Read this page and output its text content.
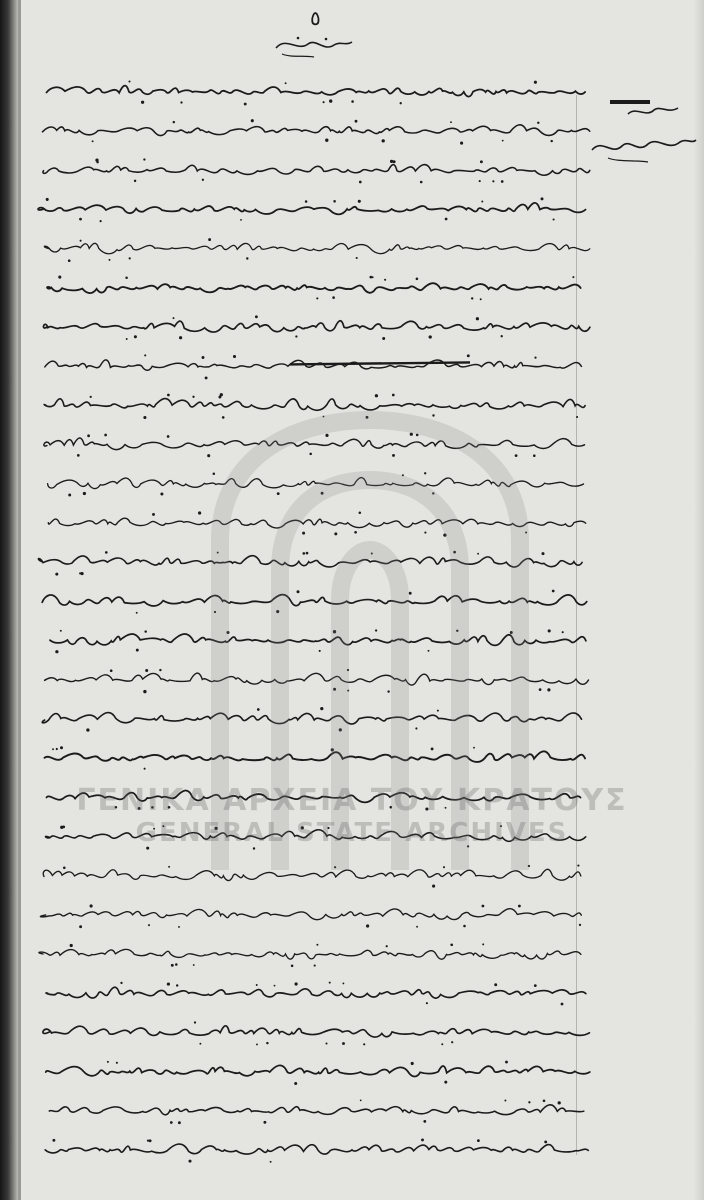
٥
ΓΕΝΙΚΑ ΑΡΧΕΙΑ ΤΟΥ ΚΡΑΤΟΥΣ
GENERAL STATE ARCHIVES
